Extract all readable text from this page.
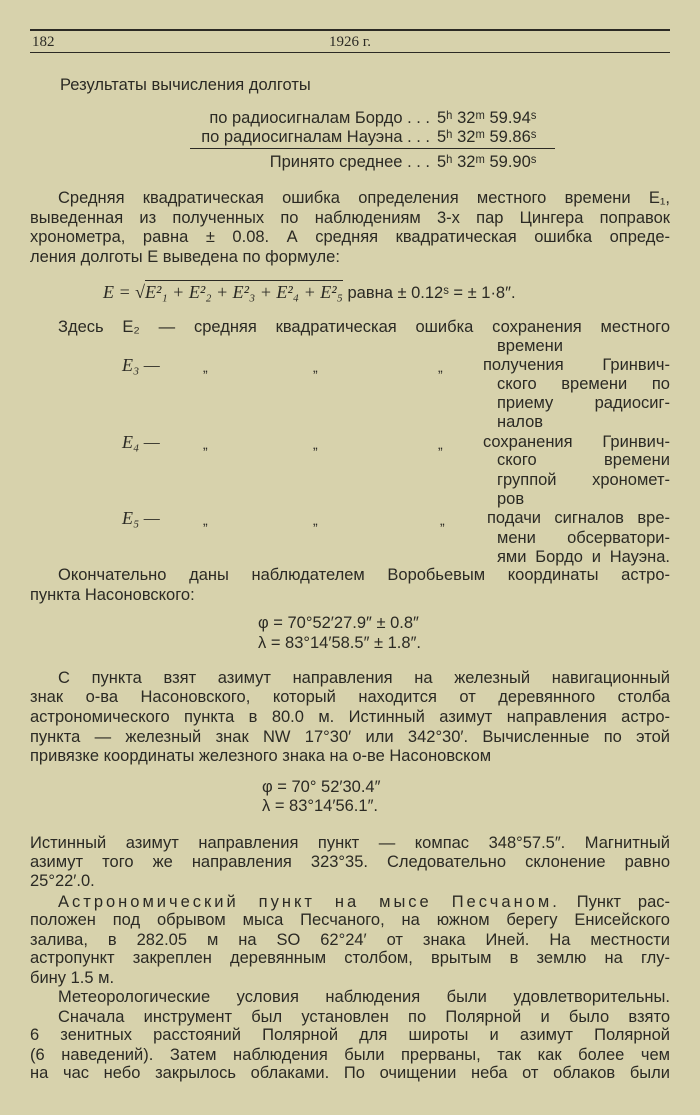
182	1926 г.
Результаты вычисления долготы
по радиосигналам Бордо . . . 5ʰ 32ᵐ 59.94ˢ
по радиосигналам Науэна . . . 5ʰ 32ᵐ 59.86ˢ
Принято среднее . . . 5ʰ 32ᵐ 59.90ˢ
Средняя квадратическая ошибка определения местного времени E₁,
выведенная из полученных по наблюдениям 3-х пар Цингера поправок
хронометра, равна ± 0.08. А средняя квадратическая ошибка опреде-
ления долготы E выведена по формуле:
E = √E²₁ + E²₂ + E²₃ + E²₄ + E²₅ равна ± 0.12ˢ = ± 1·8″.
Здесь E₂ — средняя квадратическая ошибка сохранения местного
времени
E₃ —	„	„	„ получения Гринвич-
ского времени по
приему радиосиг-
налов
E₄ —	„	„	„ сохранения Гринвич-
ского времени
группой хрономет-
ров
E₅ —	„	„	„	подачи сигналов вре-
мени обсерватори-
ями Бордо и Науэна.
Окончательно даны наблюдателем Воробьевым координаты астро-
пункта Насоновского:
φ = 70°52′27.9″ ± 0.8″
λ = 83°14′58.5″ ± 1.8″.
С пункта взят азимут направления на железный навигационный
знак о-ва Насоновского, который находится от деревянного столба
астрономического пункта в 80.0 м. Истинный азимут направления астро-
пункта — железный знак NW 17°30′ или 342°30′. Вычисленные по этой
привязке координаты железного знака на о-ве Насоновском
φ = 70° 52′30.4″
λ = 83°14′56.1″.
Истинный азимут направления пункт — компас 348°57.5″. Магнитный
азимут того же направления 323°35. Следовательно склонение равно
25°22′.0.
Астрономический пункт на мысе Песчаном. Пункт рас-
положен под обрывом мыса Песчаного, на южном берегу Енисейского
залива, в 282.05 м на SO 62°24′ от знака Иней. На местности
астропункт закреплен деревянным столбом, врытым в землю на глу-
бину 1.5 м.
Метеорологические условия наблюдения были удовлетворительны.
Сначала инструмент был установлен по Полярной и было взято
6 зенитных расстояний Полярной для широты и азимут Полярной
(6 наведений). Затем наблюдения были прерваны, так как более чем
на час небо закрылось облаками. По очищении неба от облаков были
